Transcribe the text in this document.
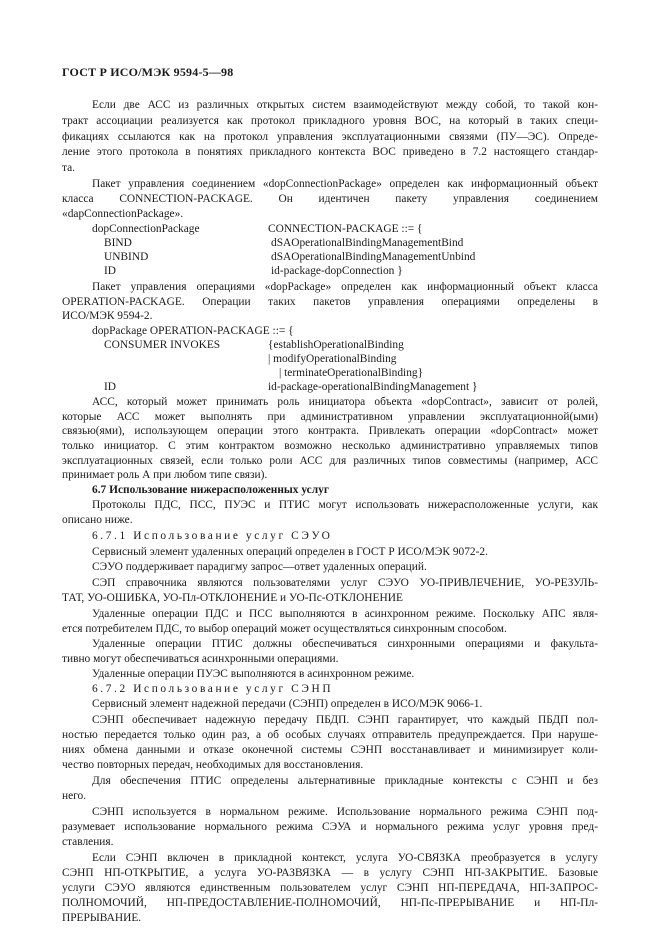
ГОСТ Р ИСО/МЭК 9594-5—98
Если две АСС из различных открытых систем взаимодействуют между собой, то такой кон-
тракт ассоциации реализуется как протокол прикладного уровня ВОС, на который в таких специ-
фикациях ссылаются как на протокол управления эксплуатационными связями (ПУ—ЭС). Опреде-
ление этого протокола в понятиях прикладного контекста ВОС приведено в 7.2 настоящего стандар-
та.
Пакет управления соединением «dopConnectionPackage» определен как информационный объект
класса CONNECTION-PACKAGE. Он идентичен пакету управления соединением
«dapConnectionPackage».
dopConnectionPackage	CONNECTION-PACKAGE ::= {
BIND	dSAOperationalBindingManagementBind
UNBIND	dSAOperationalBindingManagementUnbind
ID	id-package-dopConnection }
Пакет управления операциями «dopPackage» определен как информационный объект класса
OPERATION-PACKAGE. Операции таких пакетов управления операциями определены в
ИСО/МЭК 9594-2.
dopPackage OPERATION-PACKAGE ::= {
CONSUMER INVOKES	{establishOperationalBinding
| modifyOperationalBinding
| terminateOperationalBinding}
ID	id-package-operationalBindingManagement }
АСС, который может принимать роль инициатора объекта «dopContract», зависит от ролей,
которые АСС может выполнять при административном управлении эксплуатационной(ыми)
связью(ями), использующем операции этого контракта. Привлекать операции «dopContract» может
только инициатор. С этим контрактом возможно несколько административно управляемых типов
эксплуатационных связей, если только роли АСС для различных типов совместимы (например, АСС
принимает роль А при любом типе связи).
6.7 Использование нижерасположенных услуг
Протоколы ПДС, ПСС, ПУЭС и ПТИС могут использовать нижерасположенные услуги, как
описано ниже.
6.7.1 Использование услуг СЭУО
Сервисный элемент удаленных операций определен в ГОСТ Р ИСО/МЭК 9072-2.
СЭУО поддерживает парадигму запрос—ответ удаленных операций.
СЭП справочника являются пользователями услуг СЭУО УО-ПРИВЛЕЧЕНИЕ, УО-РЕЗУЛЬ-
ТАТ, УО-ОШИБКА, УО-Пл-ОТКЛОНЕНИЕ и УО-Пс-ОТКЛОНЕНИЕ
Удаленные операции ПДС и ПСС выполняются в асинхронном режиме. Поскольку АПС явля-
ется потребителем ПДС, то выбор операций может осуществляться синхронным способом.
Удаленные операции ПТИС должны обеспечиваться синхронными операциями и факульта-
тивно могут обеспечиваться асинхронными операциями.
Удаленные операции ПУЭС выполняются в асинхронном режиме.
6.7.2 Использование услуг СЭНП
Сервисный элемент надежной передачи (СЭНП) определен в ИСО/МЭК 9066-1.
СЭНП обеспечивает надежную передачу ПБДП. СЭНП гарантирует, что каждый ПБДП пол-
ностью передается только один раз, а об особых случаях отправитель предупреждается. При наруше-
ниях обмена данными и отказе оконечной системы СЭНП восстанавливает и минимизирует коли-
чество повторных передач, необходимых для восстановления.
Для обеспечения ПТИС определены альтернативные прикладные контексты с СЭНП и без
него.
СЭНП используется в нормальном режиме. Использование нормального режима СЭНП под-
разумевает использование нормального режима СЭУА и нормального режима услуг уровня пред-
ставления.
Если СЭНП включен в прикладной контекст, услуга УО-СВЯЗКА преобразуется в услугу
СЭНП НП-ОТКРЫТИЕ, а услуга УО-РАЗВЯЗКА — в услугу СЭНП НП-ЗАКРЫТИЕ. Базовые
услуги СЭУО являются единственным пользователем услуг СЭНП НП-ПЕРЕДАЧА, НП-ЗАПРОС-
ПОЛНОМОЧИЙ, НП-ПРЕДОСТАВЛЕНИЕ-ПОЛНОМОЧИЙ, НП-Пс-ПРЕРЫВАНИЕ и НП-Пл-
ПРЕРЫВАНИЕ.
